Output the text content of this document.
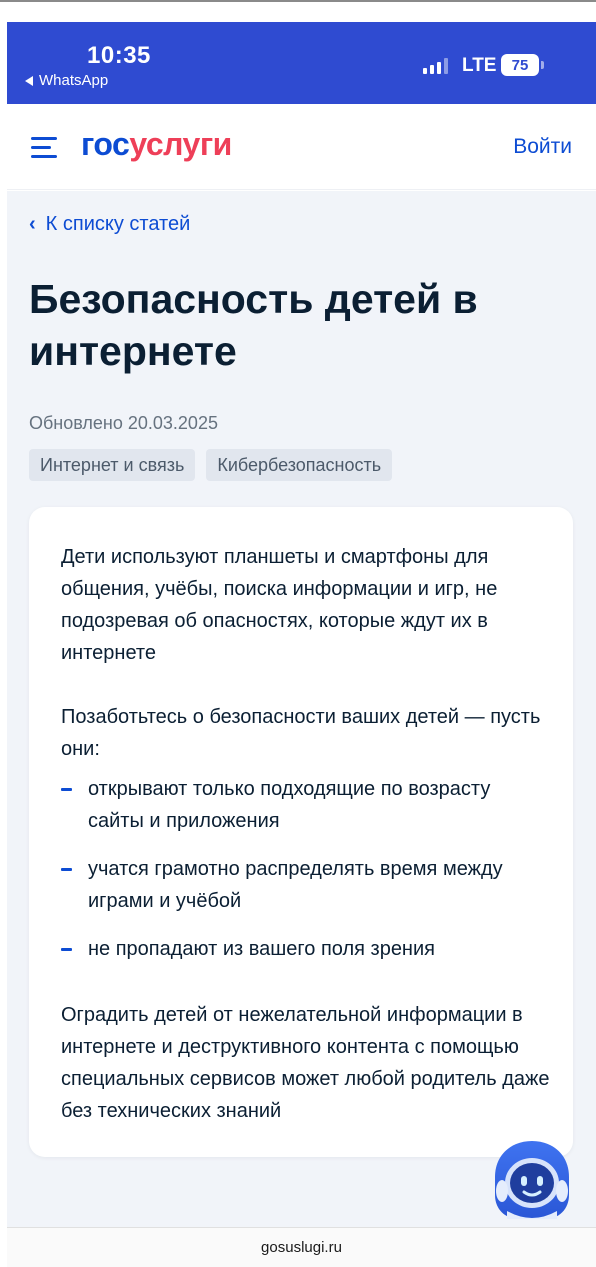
10:35
WhatsApp
LTE	75
госуслуги	Войти
‹ К списку статей
Безопасность детей в интернете
Обновлено 20.03.2025
Интернет и связь	Кибербезопасность

Дети используют планшеты и смартфоны для общения, учёбы, поиска информации и игр, не подозревая об опасностях, которые ждут их в интернете

Позаботьтесь о безопасности ваших детей — пусть они:

открывают только подходящие по возрасту сайты и приложения
учатся грамотно распределять время между играми и учёбой
не пропадают из вашего поля зрения

Оградить детей от нежелательной информации в интернете и деструктивного контента с помощью специальных сервисов может любой родитель даже без технических знаний

gosuslugi.ru
